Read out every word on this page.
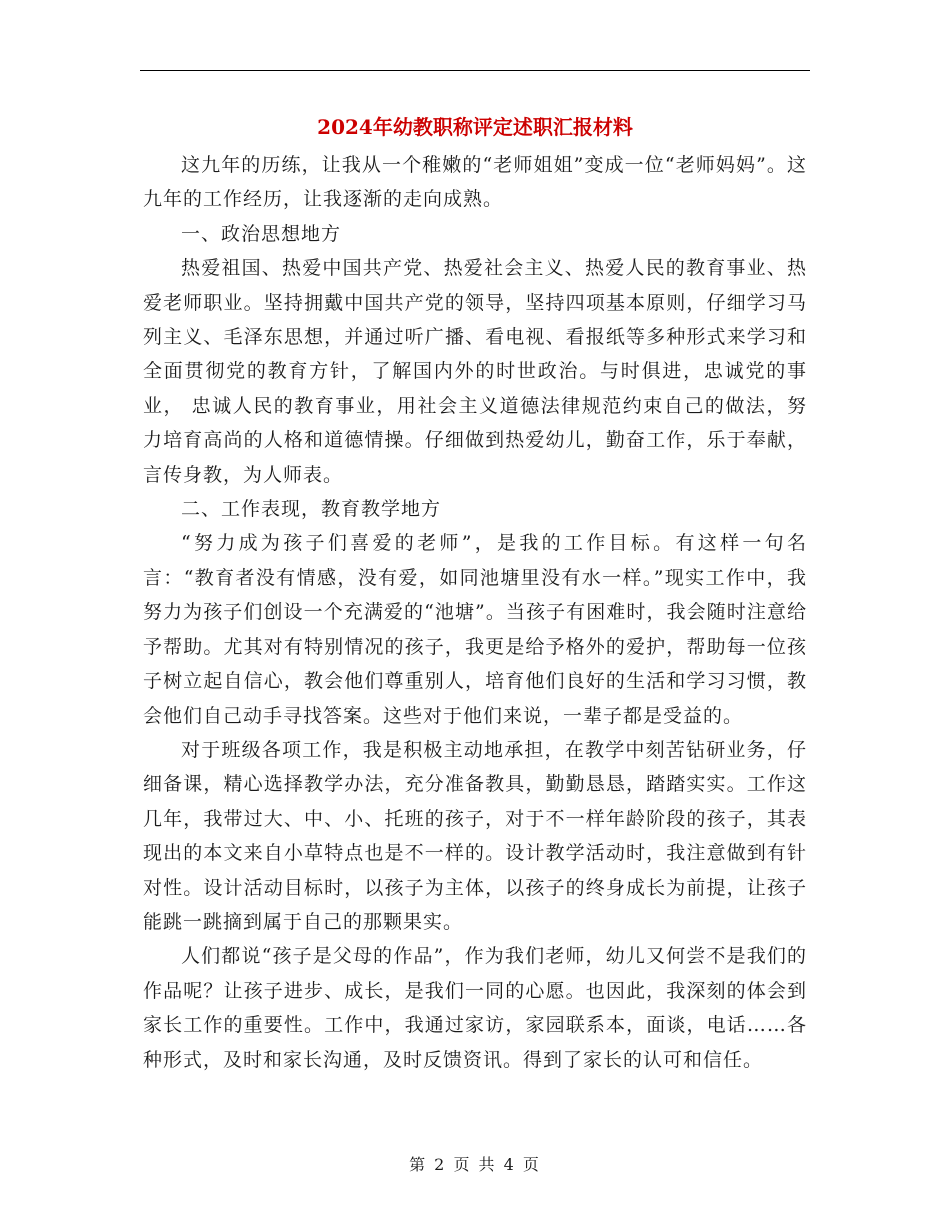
2024年幼教职称评定述职汇报材料

这九年的历练，让我从一个稚嫩的“老师姐姐”变成一位“老师妈妈”。这九年的工作经历，让我逐渐的走向成熟。

一、政治思想地方

热爱祖国、热爱中国共产党、热爱社会主义、热爱人民的教育事业、热爱老师职业。坚持拥戴中国共产党的领导，坚持四项基本原则，仔细学习马列主义、毛泽东思想，并通过听广播、看电视、看报纸等多种形式来学习和全面贯彻党的教育方针，了解国内外的时世政治。与时俱进，忠诚党的事业， 忠诚人民的教育事业，用社会主义道德法律规范约束自己的做法，努力培育高尚的人格和道德情操。仔细做到热爱幼儿，勤奋工作，乐于奉献，言传身教，为人师表。

二、工作表现，教育教学地方

“努力成为孩子们喜爱的老师”，是我的工作目标。有这样一句名言：“教育者没有情感，没有爱，如同池塘里没有水一样。”现实工作中，我努力为孩子们创设一个充满爱的“池塘”。当孩子有困难时，我会随时注意给予帮助。尤其对有特别情况的孩子，我更是给予格外的爱护，帮助每一位孩子树立起自信心，教会他们尊重别人，培育他们良好的生活和学习习惯，教会他们自己动手寻找答案。这些对于他们来说，一辈子都是受益的。

对于班级各项工作，我是积极主动地承担，在教学中刻苦钻研业务，仔细备课，精心选择教学办法，充分准备教具，勤勤恳恳，踏踏实实。工作这几年，我带过大、中、小、托班的孩子，对于不一样年龄阶段的孩子，其表现出的本文来自小草特点也是不一样的。设计教学活动时，我注意做到有针对性。设计活动目标时，以孩子为主体，以孩子的终身成长为前提，让孩子能跳一跳摘到属于自己的那颗果实。

人们都说“孩子是父母的作品”，作为我们老师，幼儿又何尝不是我们的作品呢？让孩子进步、成长，是我们一同的心愿。也因此，我深刻的体会到家长工作的重要性。工作中，我通过家访，家园联系本，面谈，电话……各种形式，及时和家长沟通，及时反馈资讯。得到了家长的认可和信任。

第 2 页 共 4 页
